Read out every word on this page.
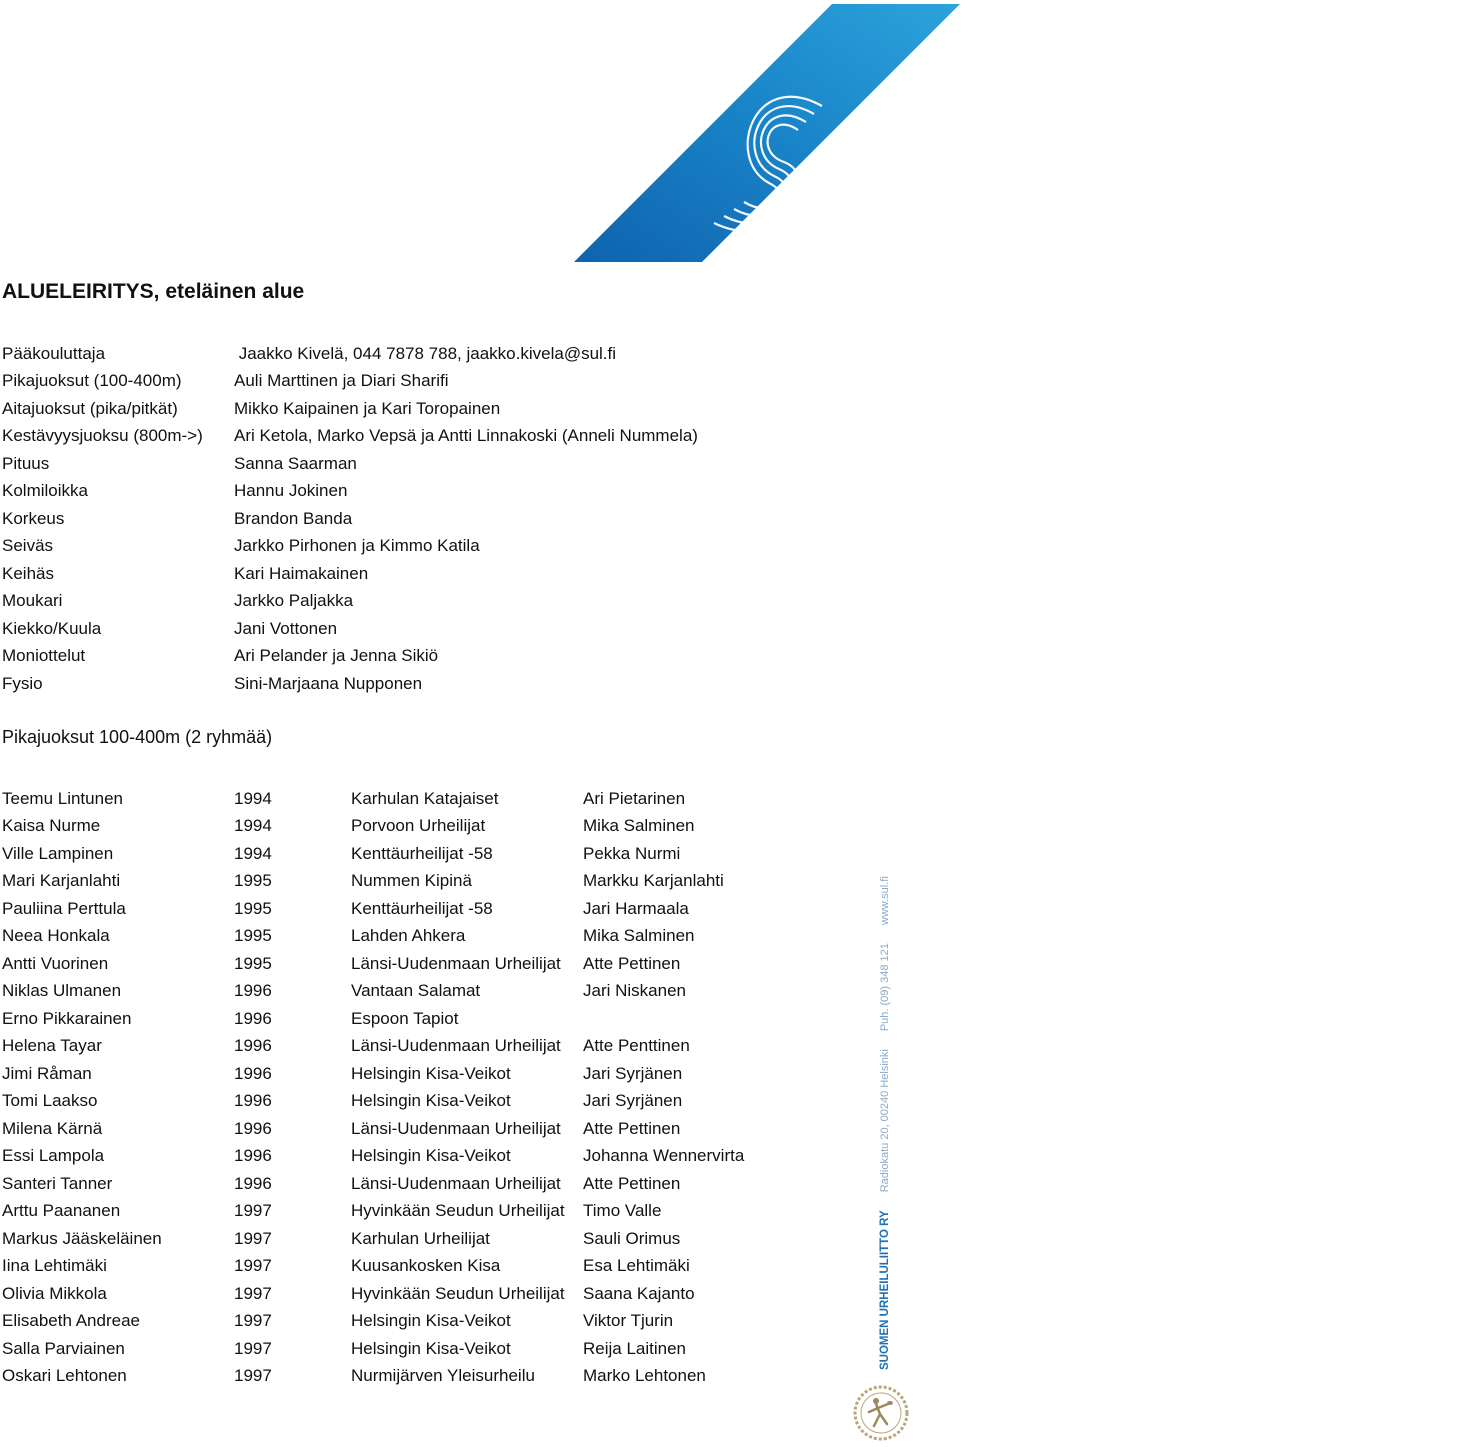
YLEISURHEILU
ALUELEIRITYS, eteläinen alue
Pääkouluttaja	Jaakko Kivelä, 044 7878 788, jaakko.kivela@sul.fi
Pikajuoksut (100-400m)	Auli Marttinen ja Diari Sharifi
Aitajuoksut (pika/pitkät)	Mikko Kaipainen ja Kari Toropainen
Kestävyysjuoksu (800m->)	Ari Ketola, Marko Vepsä ja Antti Linnakoski (Anneli Nummela)
Pituus	Sanna Saarman
Kolmiloikka	Hannu Jokinen
Korkeus	Brandon Banda
Seiväs	Jarkko Pirhonen ja Kimmo Katila
Keihäs	Kari Haimakainen
Moukari	Jarkko Paljakka
Kiekko/Kuula	Jani Vottonen
Moniottelut	Ari Pelander ja Jenna Sikiö
Fysio	Sini-Marjaana Nupponen
Pikajuoksut 100-400m (2 ryhmää)
Teemu Lintunen	1994	Karhulan Katajaiset	Ari Pietarinen
Kaisa Nurme	1994	Porvoon Urheilijat	Mika Salminen
Ville Lampinen	1994	Kenttäurheilijat -58	Pekka Nurmi
Mari Karjanlahti	1995	Nummen Kipinä	Markku Karjanlahti
Pauliina Perttula	1995	Kenttäurheilijat -58	Jari Harmaala
Neea Honkala	1995	Lahden Ahkera	Mika Salminen
Antti Vuorinen	1995	Länsi-Uudenmaan Urheilijat	Atte Pettinen
Niklas Ulmanen	1996	Vantaan Salamat	Jari Niskanen
Erno Pikkarainen	1996	Espoon Tapiot
Helena Tayar	1996	Länsi-Uudenmaan Urheilijat	Atte Penttinen
Jimi Råman	1996	Helsingin Kisa-Veikot	Jari Syrjänen
Tomi Laakso	1996	Helsingin Kisa-Veikot	Jari Syrjänen
Milena Kärnä	1996	Länsi-Uudenmaan Urheilijat	Atte Pettinen
Essi Lampola	1996	Helsingin Kisa-Veikot	Johanna Wennervirta
Santeri Tanner	1996	Länsi-Uudenmaan Urheilijat	Atte Pettinen
Arttu Paananen	1997	Hyvinkään Seudun Urheilijat	Timo Valle
Markus Jääskeläinen	1997	Karhulan Urheilijat	Sauli Orimus
Iina Lehtimäki	1997	Kuusankosken Kisa	Esa Lehtimäki
Olivia Mikkola	1997	Hyvinkään Seudun Urheilijat	Saana Kajanto
Elisabeth Andreae	1997	Helsingin Kisa-Veikot	Viktor Tjurin
Salla Parviainen	1997	Helsingin Kisa-Veikot	Reija Laitinen
Oskari Lehtonen	1997	Nurmijärven Yleisurheilu	Marko Lehtonen
SUOMEN URHEILULIITTO RY
Radiokatu 20, 00240 Helsinki
Puh. (09) 348 121
www.sul.fi
